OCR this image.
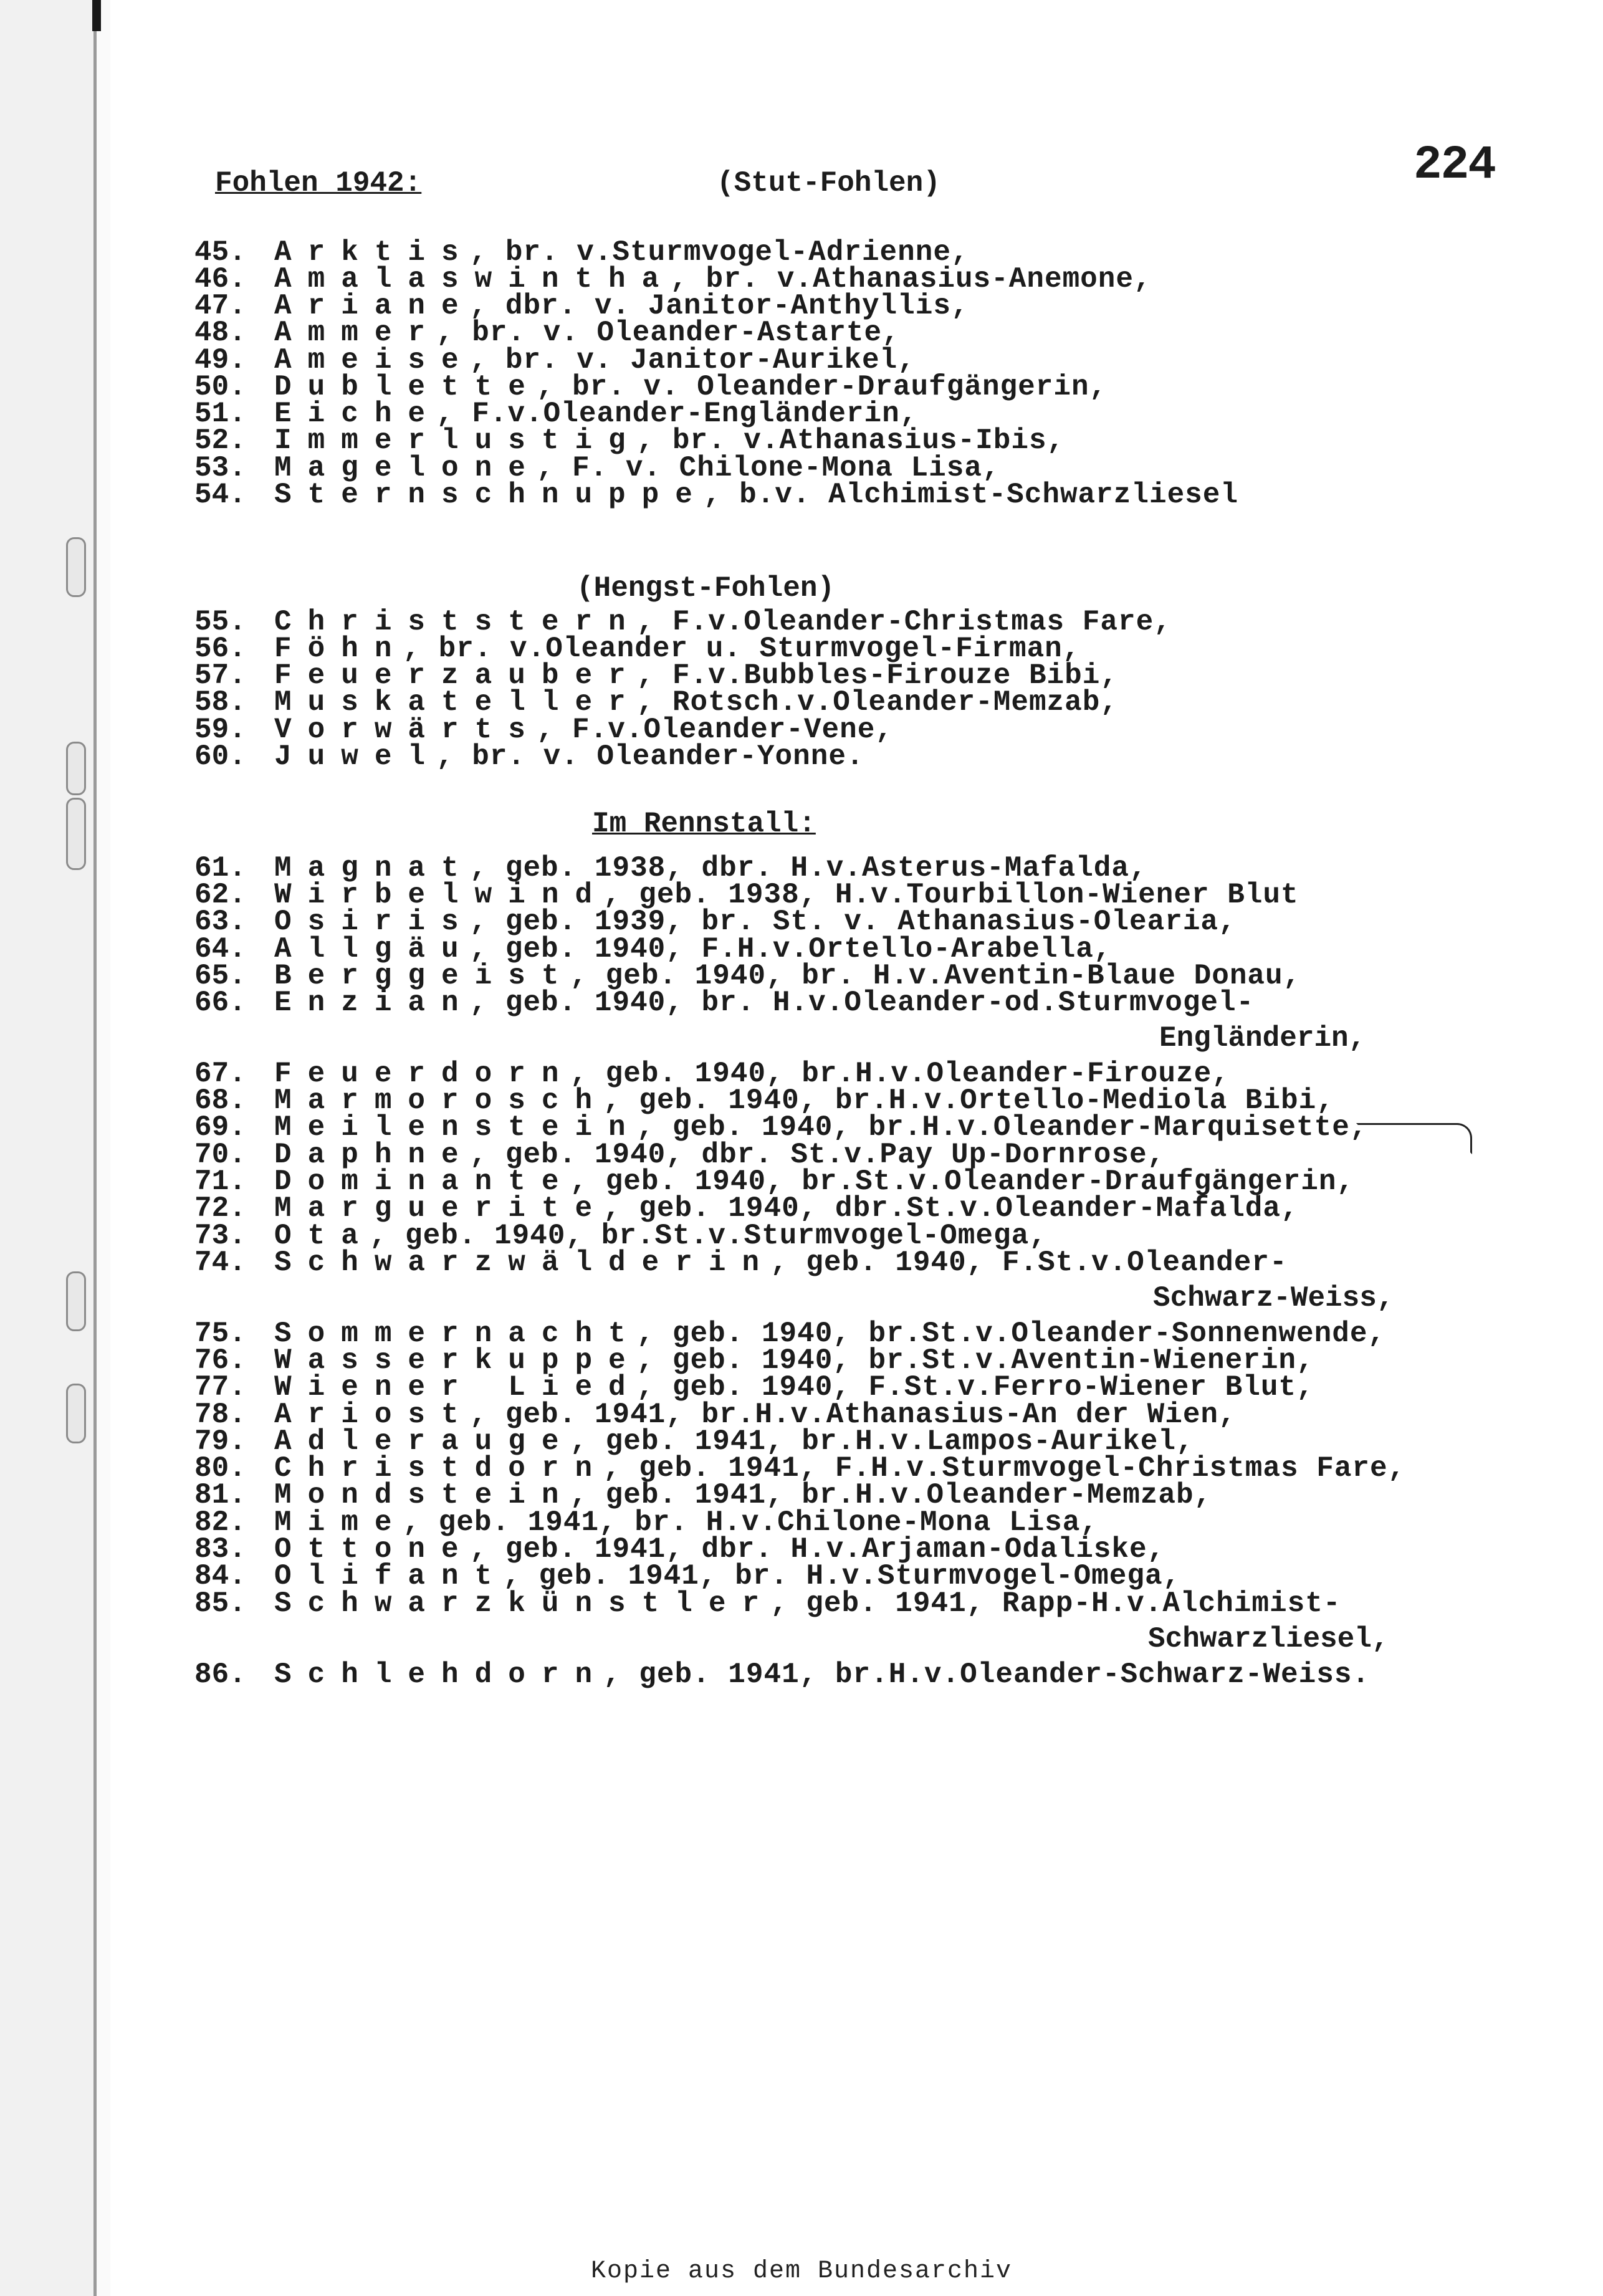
224
Fohlen 1942:	(Stut-Fohlen)
(Hengst-Fohlen)
Im Rennstall:
45. Arktis, br. v.Sturmvogel-Adrienne,
46. Amalaswintha, br. v.Athanasius-Anemone,
47. Ariane, dbr. v. Janitor-Anthyllis,
48. Ammer, br. v. Oleander-Astarte,
49. Ameise, br. v. Janitor-Aurikel,
50. Dublette, br. v. Oleander-Draufgängerin,
51. Eiche, F.v.Oleander-Engländerin,
52. Immerlustig, br. v.Athanasius-Ibis,
53. Magelone, F. v. Chilone-Mona Lisa,
54. Sternschnuppe, b.v. Alchimist-Schwarzliesel
55. Christstern, F.v.Oleander-Christmas Fare,
56. Föhn, br. v.Oleander u. Sturmvogel-Firman,
57. Feuerzauber, F.v.Bubbles-Firouze Bibi,
58. Muskateller, Rotsch.v.Oleander-Memzab,
59. Vorwärts, F.v.Oleander-Vene,
60. Juwel, br. v. Oleander-Yonne.
61. Magnat, geb. 1938, dbr. H.v.Asterus-Mafalda,
62. Wirbelwind, geb. 1938, H.v.Tourbillon-Wiener Blut
63. Osiris, geb. 1939, br. St. v. Athanasius-Olearia,
64. Allgäu, geb. 1940, F.H.v.Ortello-Arabella,
65. Berggeist, geb. 1940, br. H.v.Aventin-Blaue Donau,
66. Enzian, geb. 1940, br. H.v.Oleander-od.Sturmvogel-
Engländerin,
67. Feuerdorn, geb. 1940, br.H.v.Oleander-Firouze,
68. Marmorosch, geb. 1940, br.H.v.Ortello-Mediola Bibi,
69. Meilenstein, geb. 1940, br.H.v.Oleander-Marquisette,
70. Daphne, geb. 1940, dbr. St.v.Pay Up-Dornrose,
71. Dominante, geb. 1940, br.St.v.Oleander-Draufgängerin,
72. Marguerite, geb. 1940, dbr.St.v.Oleander-Mafalda,
73. Ota, geb. 1940, br.St.v.Sturmvogel-Omega,
74. Schwarzwälderin, geb. 1940, F.St.v.Oleander-
Schwarz-Weiss,
75. Sommernacht, geb. 1940, br.St.v.Oleander-Sonnenwende,
76. Wasserkuppe, geb. 1940, br.St.v.Aventin-Wienerin,
77. Wiener Lied, geb. 1940, F.St.v.Ferro-Wiener Blut,
78. Ariost, geb. 1941, br.H.v.Athanasius-An der Wien,
79. Adlerauge, geb. 1941, br.H.v.Lampos-Aurikel,
80. Christdorn, geb. 1941, F.H.v.Sturmvogel-Christmas Fare,
81. Mondstein, geb. 1941, br.H.v.Oleander-Memzab,
82. Mime, geb. 1941, br. H.v.Chilone-Mona Lisa,
83. Ottone, geb. 1941, dbr. H.v.Arjaman-Odaliske,
84. Olifant, geb. 1941, br. H.v.Sturmvogel-Omega,
85. Schwarzkünstler, geb. 1941, Rapp-H.v.Alchimist-
Schwarzliesel,
86. Schlehdorn, geb. 1941, br.H.v.Oleander-Schwarz-Weiss.
Kopie aus dem Bundesarchiv
